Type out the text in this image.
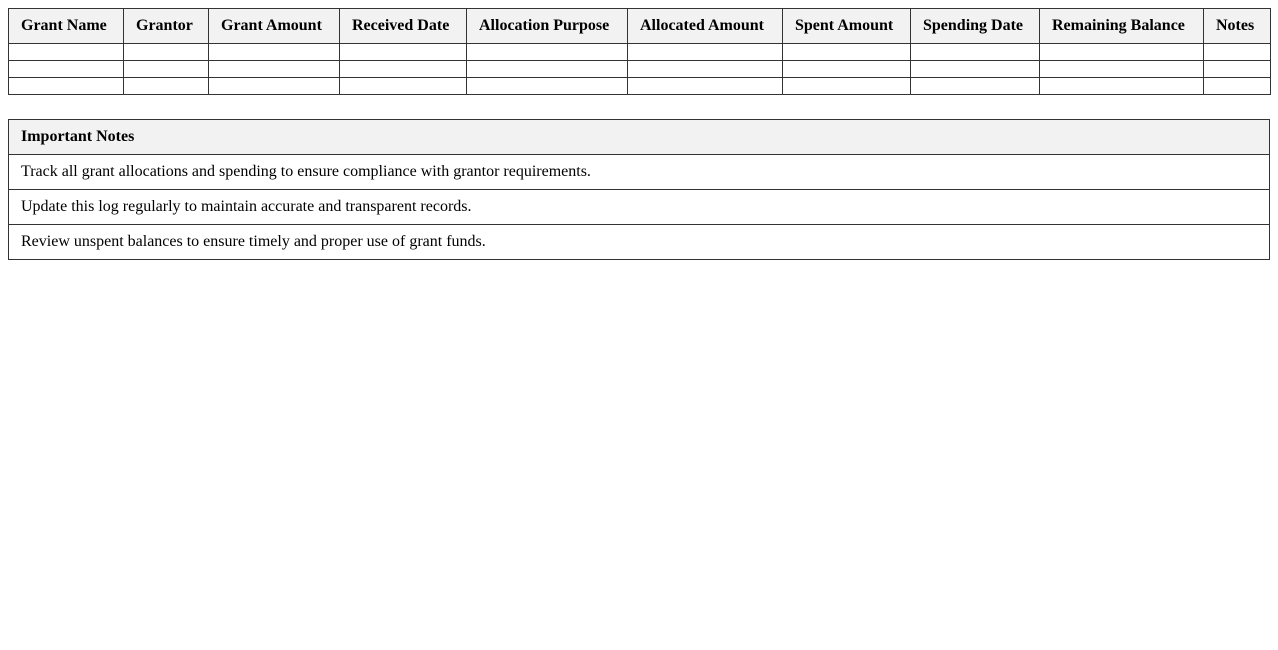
Grant Name	Grantor	Grant Amount	Received Date	Allocation Purpose	Allocated Amount	Spent Amount	Spending Date	Remaining Balance	Notes

Important Notes
Track all grant allocations and spending to ensure compliance with grantor requirements.
Update this log regularly to maintain accurate and transparent records.
Review unspent balances to ensure timely and proper use of grant funds.
